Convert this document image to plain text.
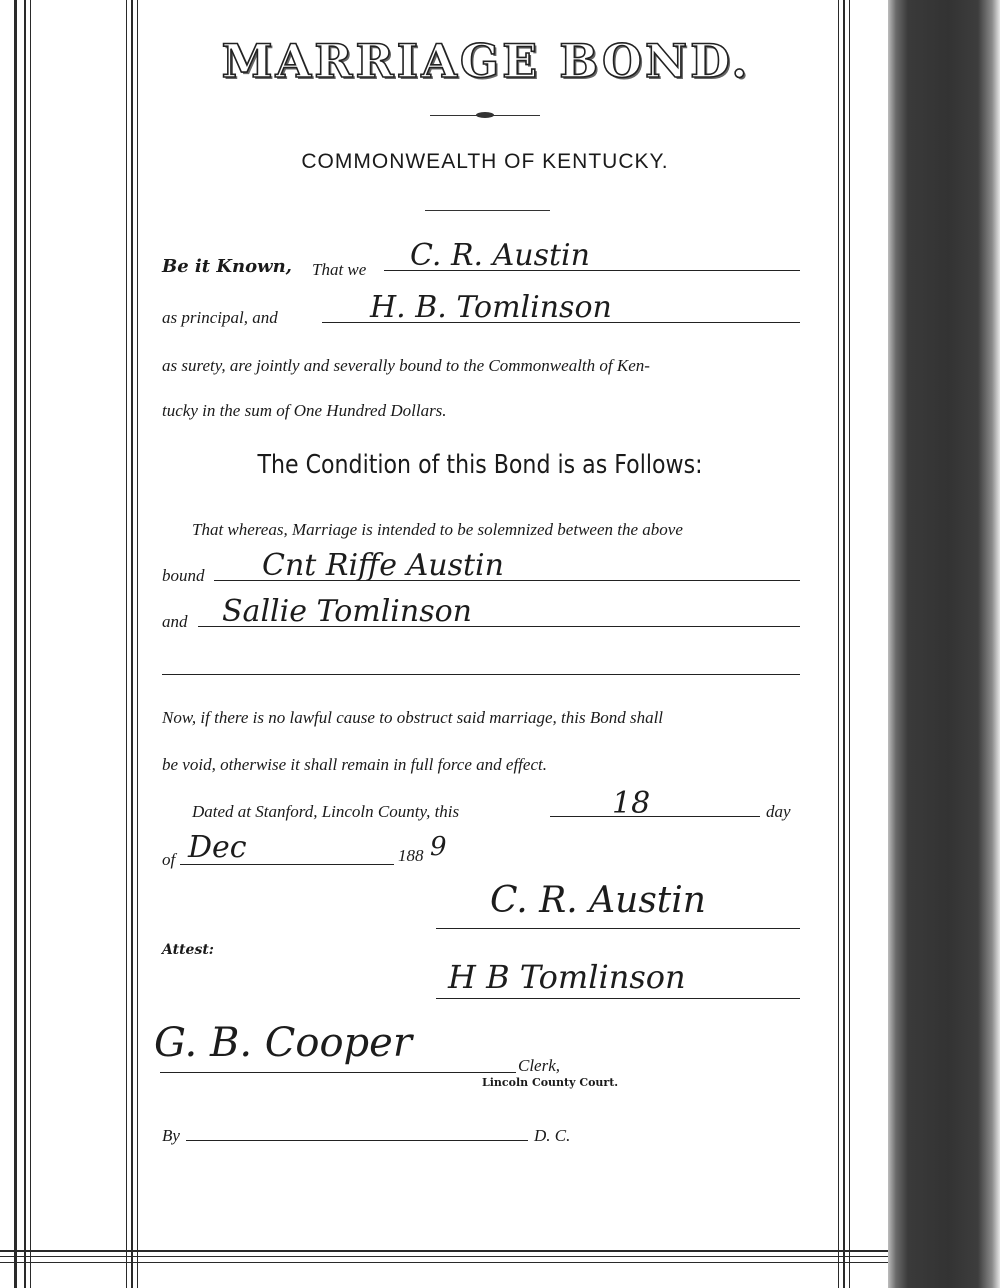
MARRIAGE BOND.
COMMONWEALTH OF KENTUCKY.
Be it Known, That we C. R. Austin
as principal, and	H. B. Tomlinson
as surety, are jointly and severally bound to the Commonwealth of Ken-
tucky in the sum of One Hundred Dollars.
The Condition of this Bond is as Follows:
That whereas, Marriage is intended to be solemnized between the above
bound Cnt Riffe Austin
and Sallie Tomlinson
Now, if there is no lawful cause to obstruct said marriage, this Bond shall
be void, otherwise it shall remain in full force and effect.
Dated at Stanford, Lincoln County, this	18	day
of Dec	188 9
C. R. Austin
Attest:
H B Tomlinson
G. B. Cooper	Clerk,
Lincoln County Court.
By	D. C.
